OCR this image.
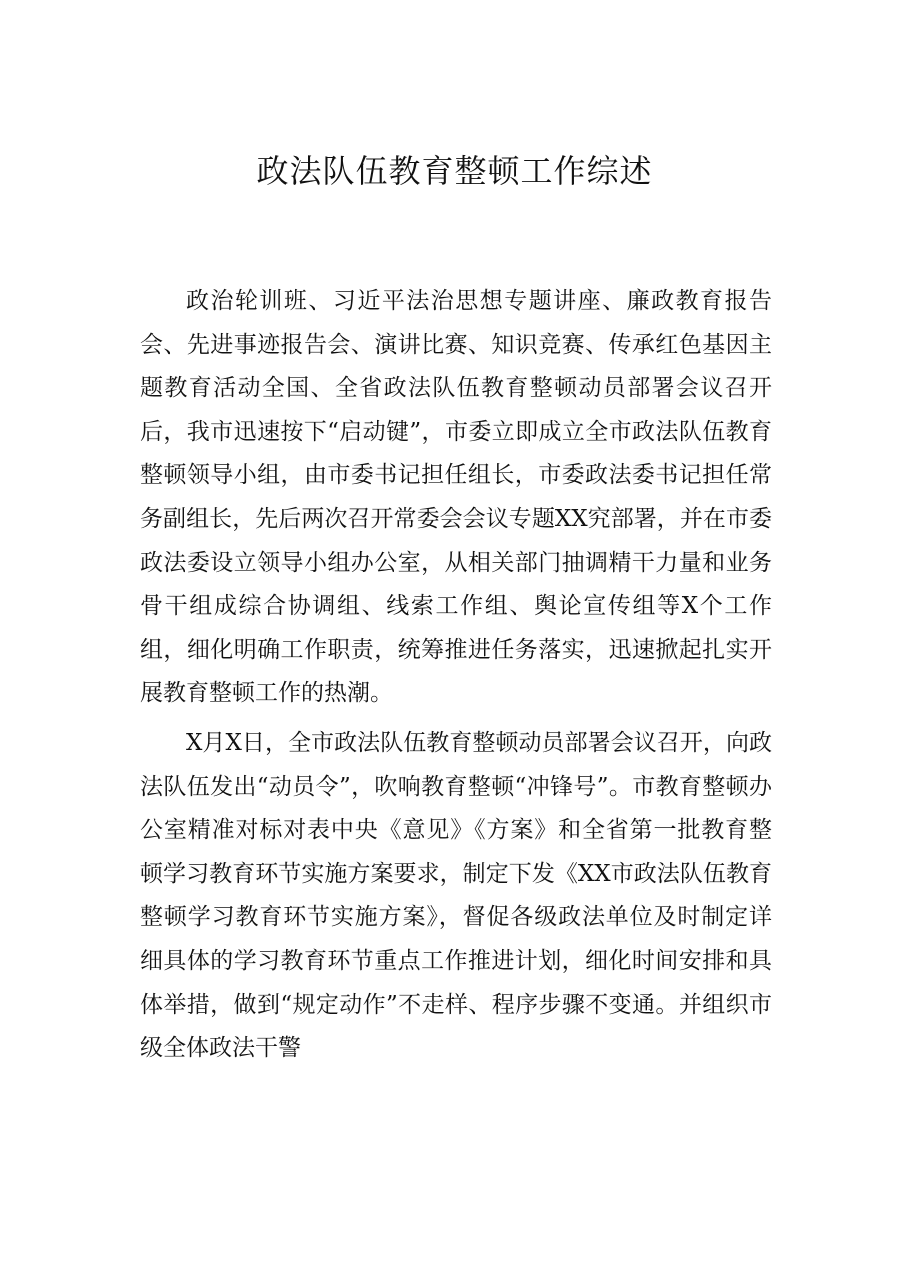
政法队伍教育整顿工作综述

政治轮训班、习近平法治思想专题讲座、廉政教育报告会、先进事迹报告会、演讲比赛、知识竞赛、传承红色基因主题教育活动全国、全省政法队伍教育整顿动员部署会议召开后，我市迅速按下“启动键”，市委立即成立全市政法队伍教育整顿领导小组，由市委书记担任组长，市委政法委书记担任常务副组长，先后两次召开常委会会议专题XX究部署，并在市委政法委设立领导小组办公室，从相关部门抽调精干力量和业务骨干组成综合协调组、线索工作组、舆论宣传组等X个工作组，细化明确工作职责，统筹推进任务落实，迅速掀起扎实开展教育整顿工作的热潮。

X月X日，全市政法队伍教育整顿动员部署会议召开，向政法队伍发出“动员令”，吹响教育整顿“冲锋号”。市教育整顿办公室精准对标对表中央《意见》《方案》和全省第一批教育整顿学习教育环节实施方案要求，制定下发《XX市政法队伍教育整顿学习教育环节实施方案》，督促各级政法单位及时制定详细具体的学习教育环节重点工作推进计划，细化时间安排和具体举措，做到“规定动作”不走样、程序步骤不变通。并组织市级全体政法干警
